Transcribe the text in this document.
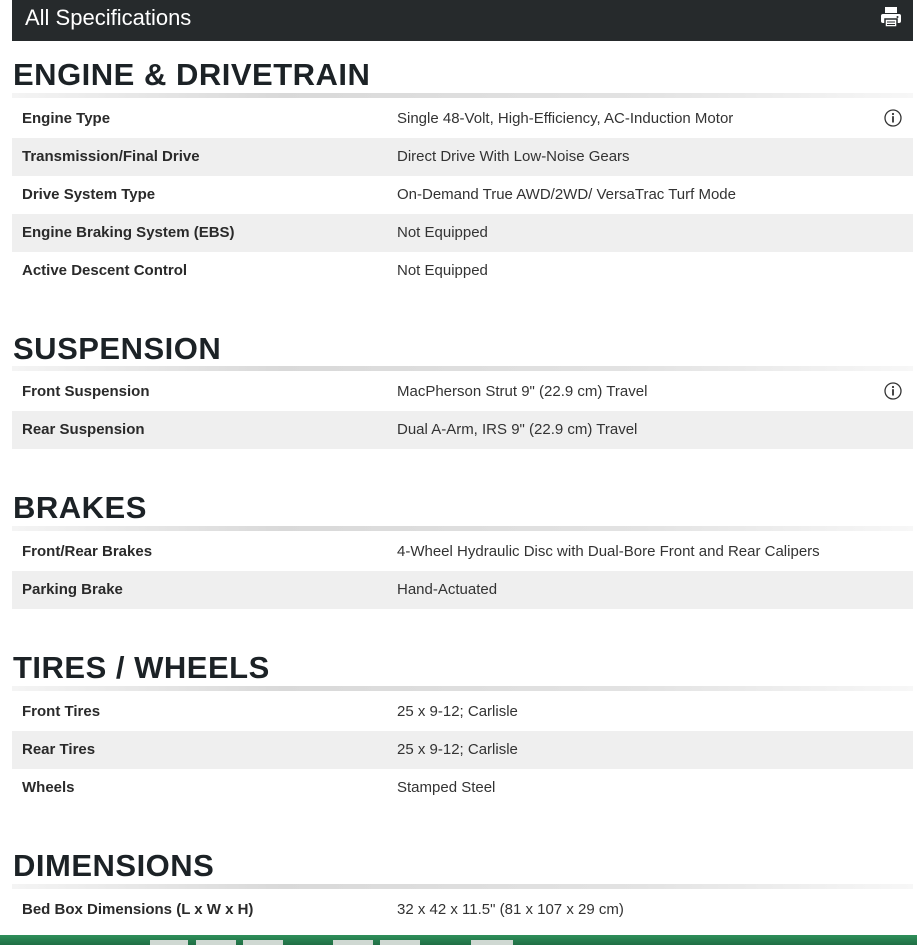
All Specifications
ENGINE & DRIVETRAIN
Engine Type	Single 48-Volt, High-Efficiency, AC-Induction Motor
Transmission/Final Drive	Direct Drive With Low-Noise Gears
Drive System Type	On-Demand True AWD/2WD/ VersaTrac Turf Mode
Engine Braking System (EBS)	Not Equipped
Active Descent Control	Not Equipped
SUSPENSION
Front Suspension	MacPherson Strut 9" (22.9 cm) Travel
Rear Suspension	Dual A-Arm, IRS 9" (22.9 cm) Travel
BRAKES
Front/Rear Brakes	4-Wheel Hydraulic Disc with Dual-Bore Front and Rear Calipers
Parking Brake	Hand-Actuated
TIRES / WHEELS
Front Tires	25 x 9-12; Carlisle
Rear Tires	25 x 9-12; Carlisle
Wheels	Stamped Steel
DIMENSIONS
Bed Box Dimensions (L x W x H)	32 x 42 x 11.5" (81 x 107 x 29 cm)
